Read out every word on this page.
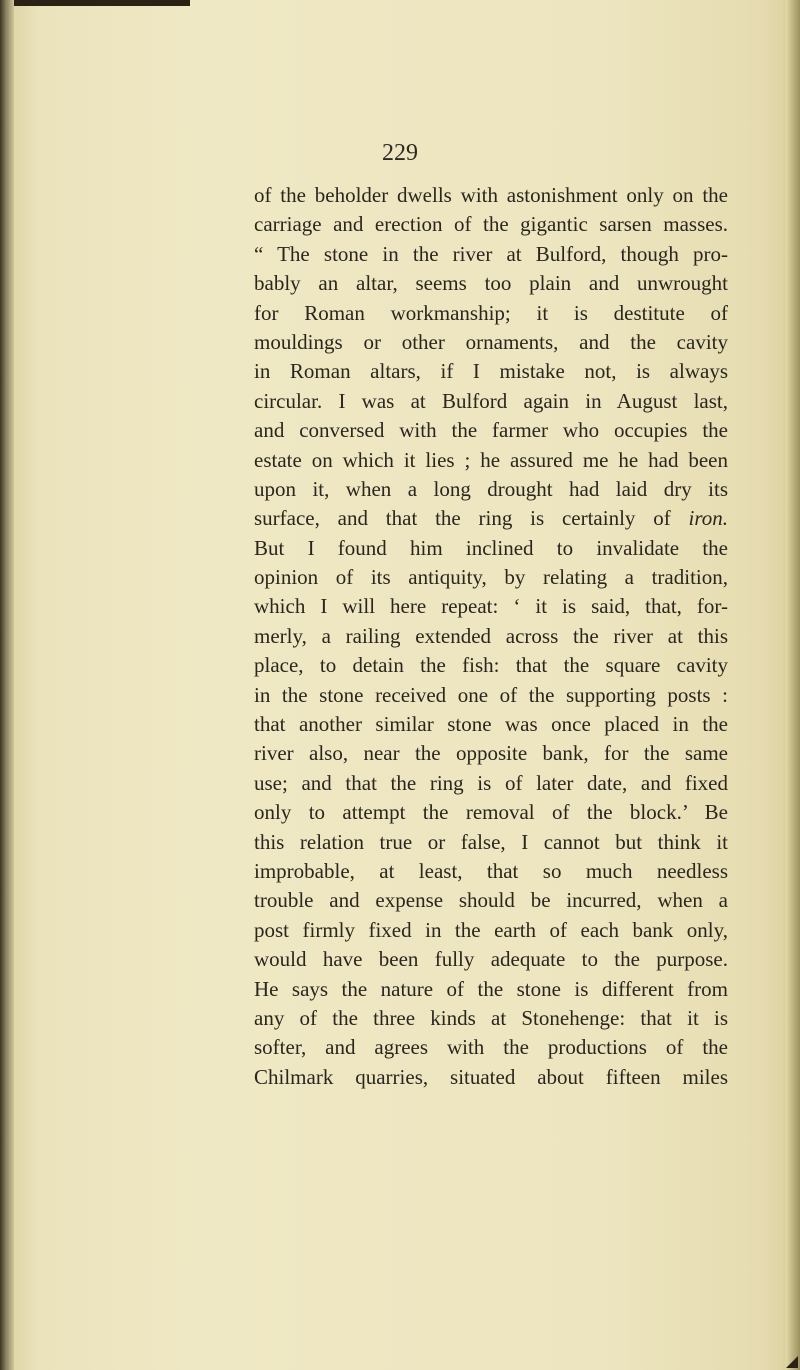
229
of the beholder dwells with astonishment only on the
carriage and erection of the gigantic sarsen masses.
“ The stone in the river at Bulford, though pro-
bably an altar, seems too plain and unwrought
for Roman workmanship; it is destitute of
mouldings or other ornaments, and the cavity
in Roman altars, if I mistake not, is always
circular. I was at Bulford again in August last,
and conversed with the farmer who occupies the
estate on which it lies ; he assured me he had been
upon it, when a long drought had laid dry its
surface, and that the ring is certainly of iron.
But I found him inclined to invalidate the
opinion of its antiquity, by relating a tradition,
which I will here repeat: ‘ it is said, that, for-
merly, a railing extended across the river at this
place, to detain the fish: that the square cavity
in the stone received one of the supporting posts :
that another similar stone was once placed in the
river also, near the opposite bank, for the same
use; and that the ring is of later date, and fixed
only to attempt the removal of the block.’ Be
this relation true or false, I cannot but think it
improbable, at least, that so much needless
trouble and expense should be incurred, when a
post firmly fixed in the earth of each bank only,
would have been fully adequate to the purpose.
He says the nature of the stone is different from
any of the three kinds at Stonehenge: that it is
softer, and agrees with the productions of the
Chilmark quarries, situated about fifteen miles
